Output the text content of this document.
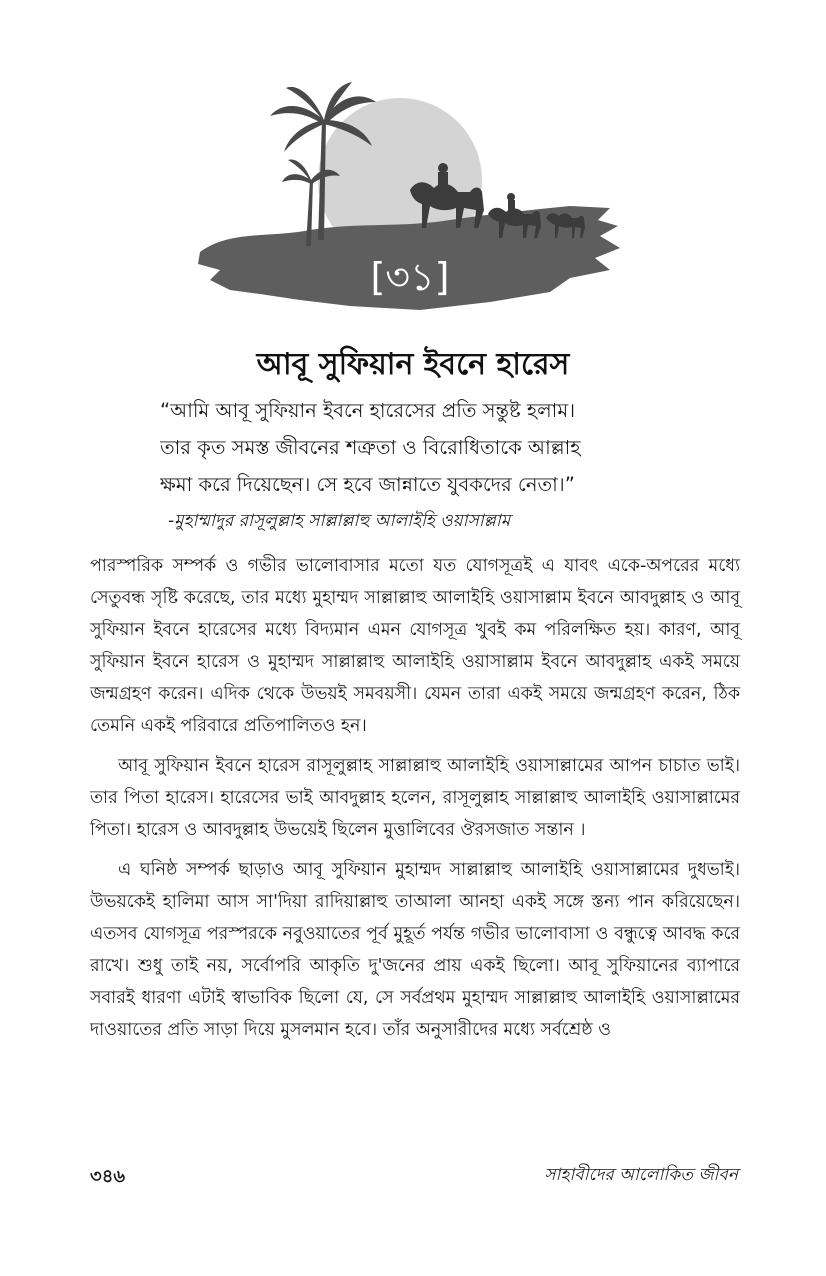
[৩১]
আবূ সুফিয়ান ইবনে হারেস
“আমি আবূ সুফিয়ান ইবনে হারেসের প্রতি সন্তুষ্ট হলাম।
তার কৃত সমস্ত জীবনের শত্রুতা ও বিরোধিতাকে আল্লাহ
ক্ষমা করে দিয়েছেন। সে হবে জান্নাতে যুবকদের নেতা।”
-মুহাম্মাদুর রাসূলুল্লাহ সাল্লাল্লাহু আলাইহি ওয়াসাল্লাম

পারস্পরিক সম্পর্ক ও গভীর ভালোবাসার মতো যত যোগসূত্রই এ যাবৎ একে-অপরের মধ্যে সেতুবন্ধ সৃষ্টি করেছে, তার মধ্যে মুহাম্মদ সাল্লাল্লাহু আলাইহি ওয়াসাল্লাম ইবনে আবদুল্লাহ ও আবূ সুফিয়ান ইবনে হারেসের মধ্যে বিদ্যমান এমন যোগসূত্র খুবই কম পরিলক্ষিত হয়। কারণ, আবূ সুফিয়ান ইবনে হারেস ও মুহাম্মদ সাল্লাল্লাহু আলাইহি ওয়াসাল্লাম ইবনে আবদুল্লাহ একই সময়ে জন্মগ্রহণ করেন। এদিক থেকে উভয়ই সমবয়সী। যেমন তারা একই সময়ে জন্মগ্রহণ করেন, ঠিক তেমনি একই পরিবারে প্রতিপালিতও হন।

আবূ সুফিয়ান ইবনে হারেস রাসূলুল্লাহ সাল্লাল্লাহু আলাইহি ওয়াসাল্লামের আপন চাচাত ভাই। তার পিতা হারেস। হারেসের ভাই আবদুল্লাহ হলেন, রাসূলুল্লাহ সাল্লাল্লাহু আলাইহি ওয়াসাল্লামের পিতা। হারেস ও আবদুল্লাহ উভয়েই ছিলেন মুত্তালিবের ঔরসজাত সন্তান ।

এ ঘনিষ্ঠ সম্পর্ক ছাড়াও আবূ সুফিয়ান মুহাম্মদ সাল্লাল্লাহু আলাইহি ওয়াসাল্লামের দুধভাই। উভয়কেই হালিমা আস সা'দিয়া রাদিয়াল্লাহু তাআলা আনহা একই সঙ্গে স্তন্য পান করিয়েছেন। এতসব যোগসূত্র পরস্পরকে নবুওয়াতের পূর্ব মুহূর্ত পর্যন্ত গভীর ভালোবাসা ও বন্ধুত্বে আবদ্ধ করে রাখে। শুধু তাই নয়, সর্বোপরি আকৃতি দু'জনের প্রায় একই ছিলো। আবূ সুফিয়ানের ব্যাপারে সবারই ধারণা এটাই স্বাভাবিক ছিলো যে, সে সর্বপ্রথম মুহাম্মদ সাল্লাল্লাহু আলাইহি ওয়াসাল্লামের দাওয়াতের প্রতি সাড়া দিয়ে মুসলমান হবে। তাঁর অনুসারীদের মধ্যে সর্বশ্রেষ্ঠ ও

৩৪৬	সাহাবীদের আলোকিত জীবন
